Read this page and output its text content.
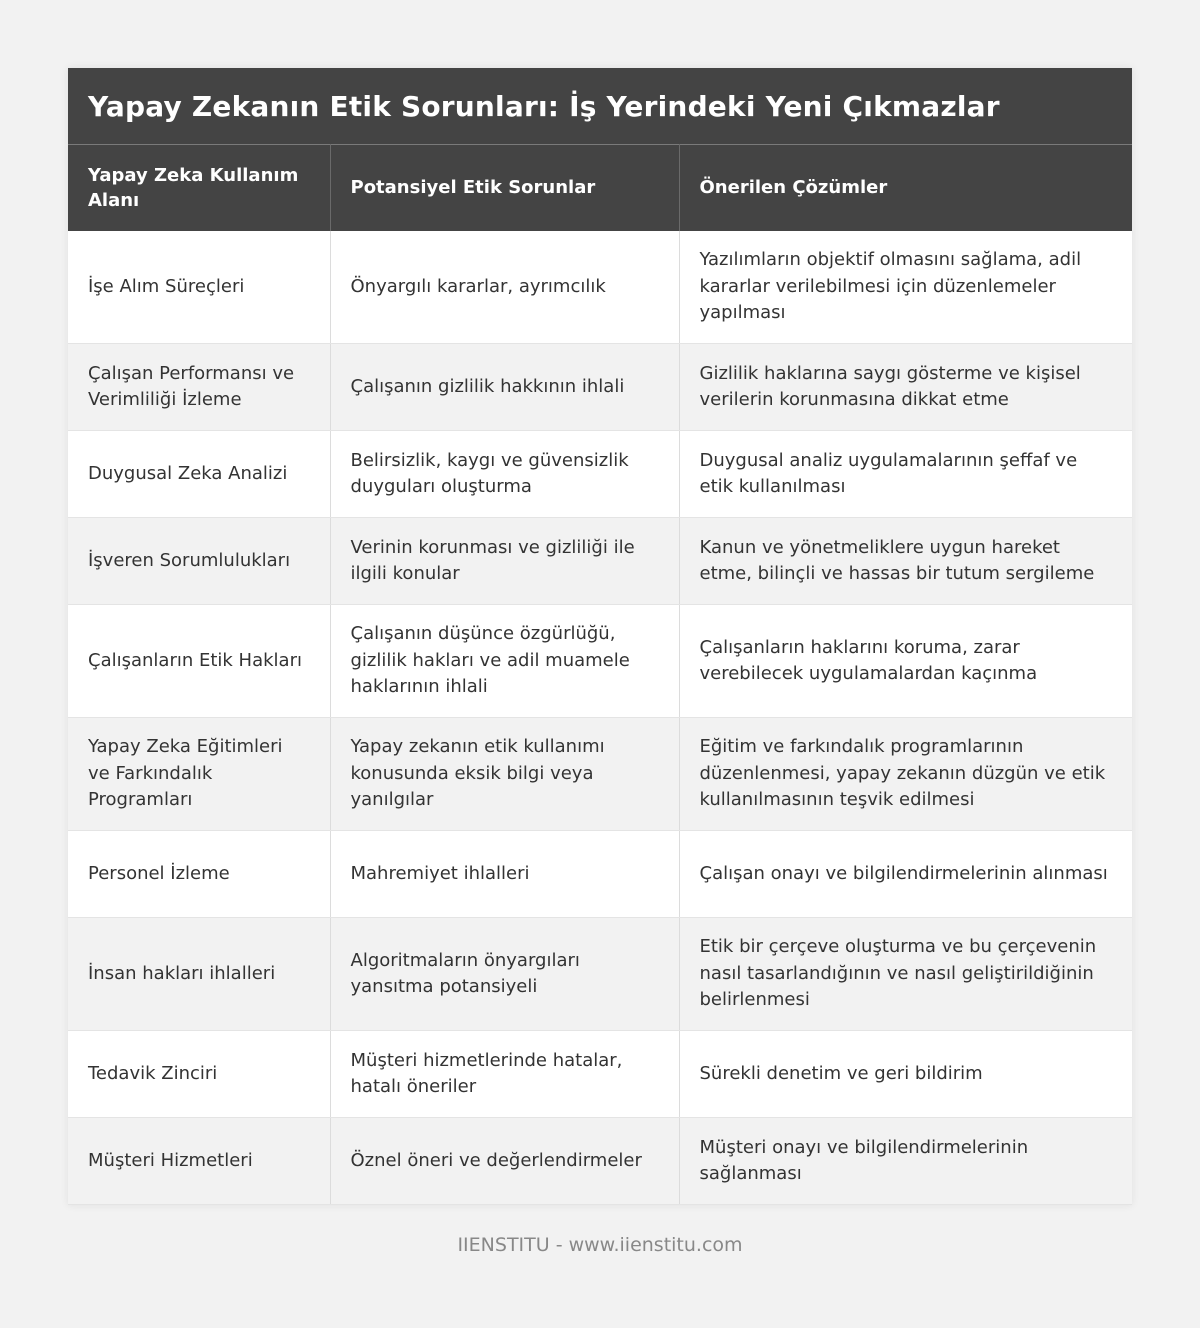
Yapay Zekanın Etik Sorunları: İş Yerindeki Yeni Çıkmazlar
Yapay Zeka Kullanım Alanı	Potansiyel Etik Sorunlar	Önerilen Çözümler
İşe Alım Süreçleri	Önyargılı kararlar, ayrımcılık	Yazılımların objektif olmasını sağlama, adil kararlar verilebilmesi için düzenlemeler yapılması
Çalışan Performansı ve Verimliliği İzleme	Çalışanın gizlilik hakkının ihlali	Gizlilik haklarına saygı gösterme ve kişisel verilerin korunmasına dikkat etme
Duygusal Zeka Analizi	Belirsizlik, kaygı ve güvensizlik duyguları oluşturma	Duygusal analiz uygulamalarının şeffaf ve etik kullanılması
İşveren Sorumlulukları	Verinin korunması ve gizliliği ile ilgili konular	Kanun ve yönetmeliklere uygun hareket etme, bilinçli ve hassas bir tutum sergileme
Çalışanların Etik Hakları	Çalışanın düşünce özgürlüğü, gizlilik hakları ve adil muamele haklarının ihlali	Çalışanların haklarını koruma, zarar verebilecek uygulamalardan kaçınma
Yapay Zeka Eğitimleri ve Farkındalık Programları	Yapay zekanın etik kullanımı konusunda eksik bilgi veya yanılgılar	Eğitim ve farkındalık programlarının düzenlenmesi, yapay zekanın düzgün ve etik kullanılmasının teşvik edilmesi
Personel İzleme	Mahremiyet ihlalleri	Çalışan onayı ve bilgilendirmelerinin alınması
İnsan hakları ihlalleri	Algoritmaların önyargıları yansıtma potansiyeli	Etik bir çerçeve oluşturma ve bu çerçevenin nasıl tasarlandığının ve nasıl geliştirildiğinin belirlenmesi
Tedavik Zinciri	Müşteri hizmetlerinde hatalar, hatalı öneriler	Sürekli denetim ve geri bildirim
Müşteri Hizmetleri	Öznel öneri ve değerlendirmeler	Müşteri onayı ve bilgilendirmelerinin sağlanması
IIENSTITU - www.iienstitu.com
